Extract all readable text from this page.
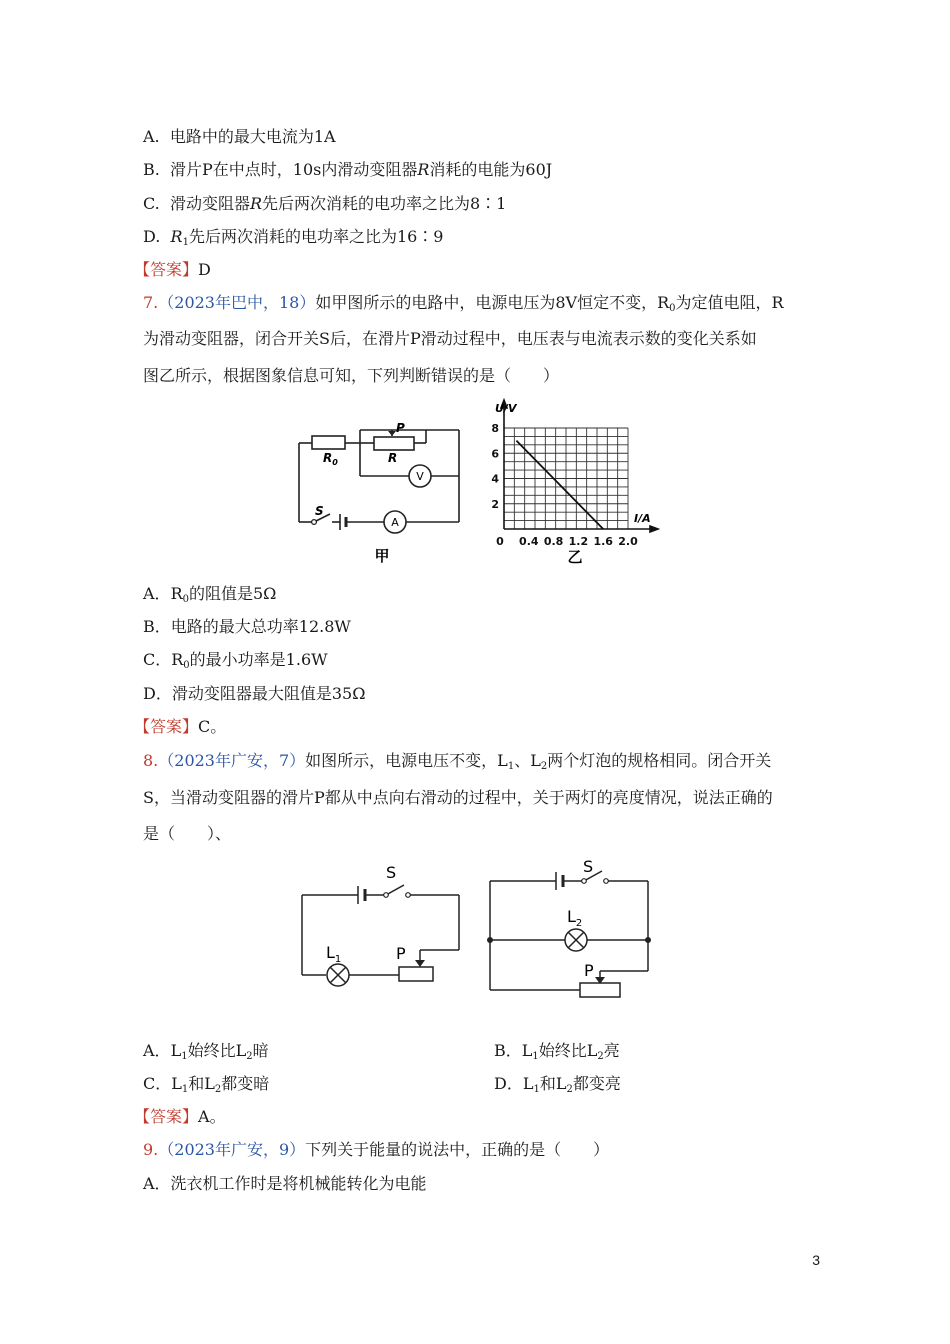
A. 电路中的最大电流为1A
B. 滑片P在中点时，10s内滑动变阻器R消耗的电能为60J
C. 滑动变阻器R先后两次消耗的电功率之比为8∶1
D. $R_1$先后两次消耗的电功率之比为16∶9
【答案】D
7.（2023年巴中，18）如甲图所示的电路中，电源电压为8V恒定不变，$R_0$为定值电阻，R
为滑动变阻器，闭合开关S后，在滑片P滑动过程中，电压表与电流表示数的变化关系如
图乙所示，根据图象信息可知，下列判断错误的是（　　）
$R_0$	R
P
V
A
S
甲
0 0.4 0.8 1.2 1.6 2.0
2
4
6
8
U/V
I/A
乙
A．$R_0$的阻值是5Ω
B．电路的最大总功率12.8W
C．$R_0$的最小功率是1.6W
D．滑动变阻器最大阻值是35Ω
【答案】C。
8.（2023年广安，7）如图所示，电源电压不变，$L_1$、$L_2$两个灯泡的规格相同。闭合开关
S，当滑动变阻器的滑片P都从中点向右滑动的过程中，关于两灯的亮度情况，说法正确的
是（　　）、
S
$L_1$	P
S
$L_2$
P
A．$L_1$始终比$L_2$暗	B．$L_1$始终比$L_2$亮
C．$L_1$和$L_2$都变暗	D．$L_1$和$L_2$都变亮
【答案】A。
9.（2023年广安，9）下列关于能量的说法中，正确的是（　　）
A．洗衣机工作时是将机械能转化为电能
3
